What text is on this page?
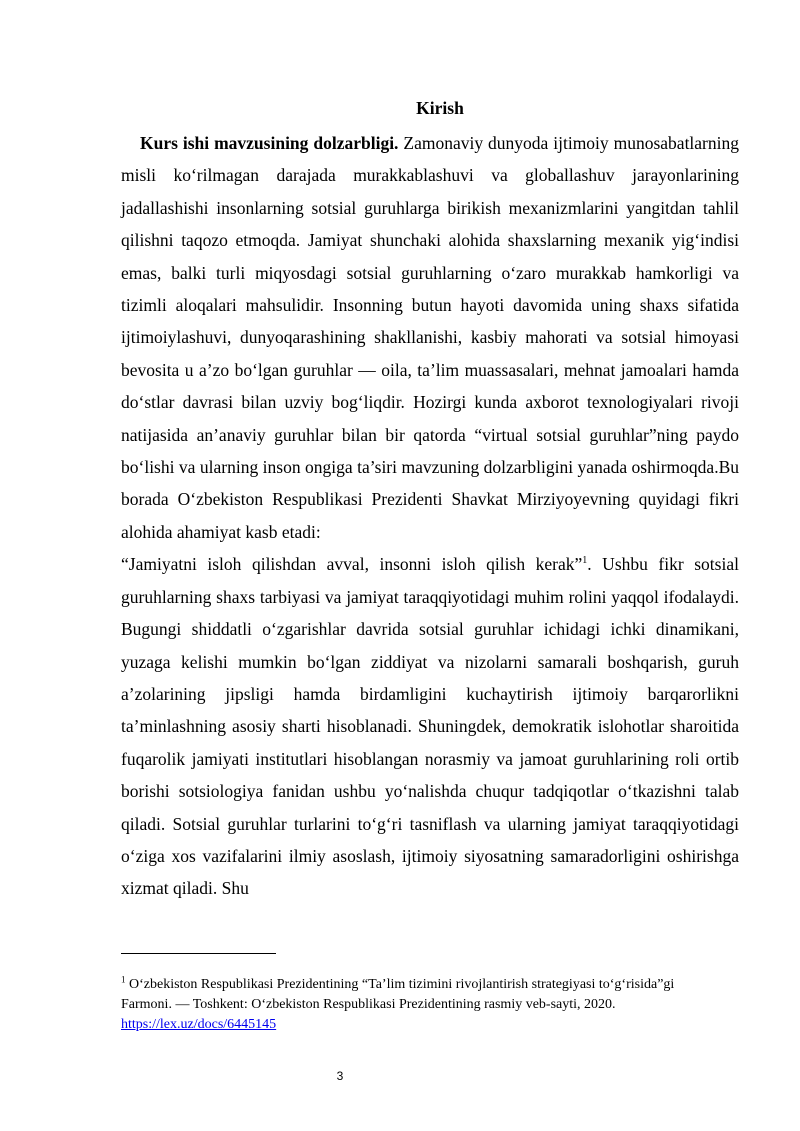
Kirish

Kurs ishi mavzusining dolzarbligi. Zamonaviy dunyoda ijtimoiy munosabatlarning misli ko‘rilmagan darajada murakkablashuvi va globallashuv jarayonlarining jadallashishi insonlarning sotsial guruhlarga birikish mexanizmlarini yangitdan tahlil qilishni taqozo etmoqda. Jamiyat shunchaki alohida shaxslarning mexanik yig‘indisi emas, balki turli miqyosdagi sotsial guruhlarning o‘zaro murakkab hamkorligi va tizimli aloqalari mahsulidir. Insonning butun hayoti davomida uning shaxs sifatida ijtimoiylashuvi, dunyoqarashining shakllanishi, kasbiy mahorati va sotsial himoyasi bevosita u a’zo bo‘lgan guruhlar — oila, ta’lim muassasalari, mehnat jamoalari hamda do‘stlar davrasi bilan uzviy bog‘liqdir. Hozirgi kunda axborot texnologiyalari rivoji natijasida an’anaviy guruhlar bilan bir qatorda “virtual sotsial guruhlar”ning paydo bo‘lishi va ularning inson ongiga ta’siri mavzuning dolzarbligini yanada oshirmoqda.Bu borada O‘zbekiston Respublikasi Prezidenti Shavkat Mirziyoyevning quyidagi fikri alohida ahamiyat kasb etadi:

“Jamiyatni isloh qilishdan avval, insonni isloh qilish kerak”$^1$. Ushbu fikr sotsial guruhlarning shaxs tarbiyasi va jamiyat taraqqiyotidagi muhim rolini yaqqol ifodalaydi. Bugungi shiddatli o‘zgarishlar davrida sotsial guruhlar ichidagi ichki dinamikani, yuzaga kelishi mumkin bo‘lgan ziddiyat va nizolarni samarali boshqarish, guruh a’zolarining jipsligi hamda birdamligini kuchaytirish ijtimoiy barqarorlikni ta’minlashning asosiy sharti hisoblanadi. Shuningdek, demokratik islohotlar sharoitida fuqarolik jamiyati institutlari hisoblangan norasmiy va jamoat guruhlarining roli ortib borishi sotsiologiya fanidan ushbu yo‘nalishda chuqur tadqiqotlar o‘tkazishni talab qiladi. Sotsial guruhlar turlarini to‘g‘ri tasniflash va ularning jamiyat taraqqiyotidagi o‘ziga xos vazifalarini ilmiy asoslash, ijtimoiy siyosatning samaradorligini oshirishga xizmat qiladi. Shu

$^1$ O‘zbekiston Respublikasi Prezidentining “Ta’lim tizimini rivojlantirish strategiyasi to‘g‘risida”gi Farmoni. — Toshkent: O‘zbekiston Respublikasi Prezidentining rasmiy veb-sayti, 2020. https://lex.uz/docs/6445145
3
